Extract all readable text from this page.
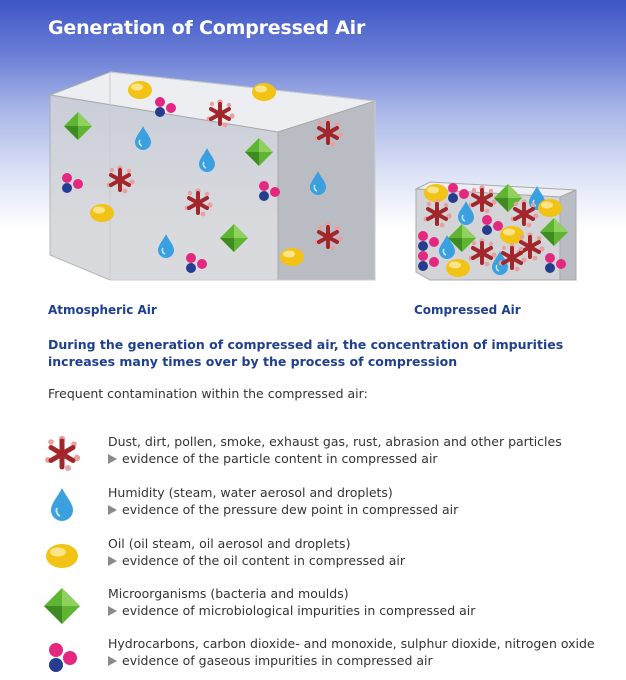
Generation of Compressed Air
Atmospheric Air	Compressed Air
During the generation of compressed air, the concentration of impurities increases many times over by the process of compression
Frequent contamination within the compressed air:
Dust, dirt, pollen, smoke, exhaust gas, rust, abrasion and other particles
evidence of the particle content in compressed air
Humidity (steam, water aerosol and droplets)
evidence of the pressure dew point in compressed air
Oil (oil steam, oil aerosol and droplets)
evidence of the oil content in compressed air
Microorganisms (bacteria and moulds)
evidence of microbiological impurities in compressed air
Hydrocarbons, carbon dioxide- and monoxide, sulphur dioxide, nitrogen oxide
evidence of gaseous impurities in compressed air
